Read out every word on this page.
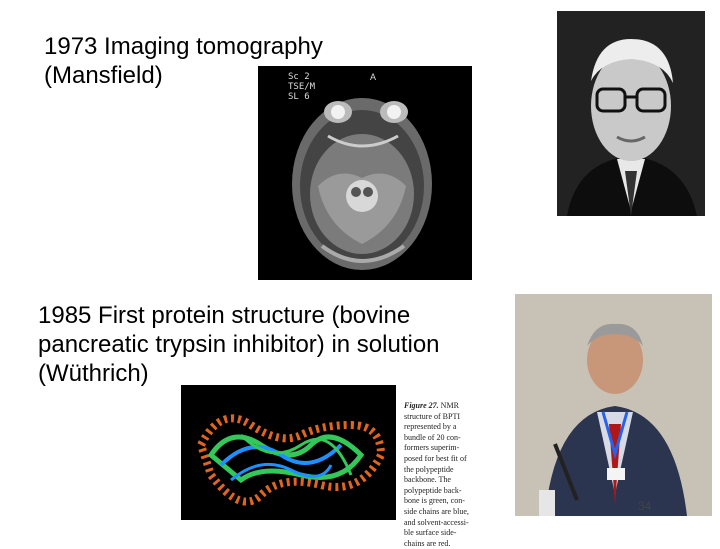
1973 Imaging tomography
(Mansfield)	Sc 2
TSE/M
SL 6
A
1985 First protein structure (bovine
pancreatic trypsin inhibitor) in solution
(Wüthrich)
Figure 27. NMR
structure of BPTI
represented by a
bundle of 20 con-
formers superim-
posed for best fit of
the polypeptide
backbone. The
polypeptide back-
bone is green, con-
side chains are blue,
and solvent-accessi-
ble surface side-
chains are red.
34
